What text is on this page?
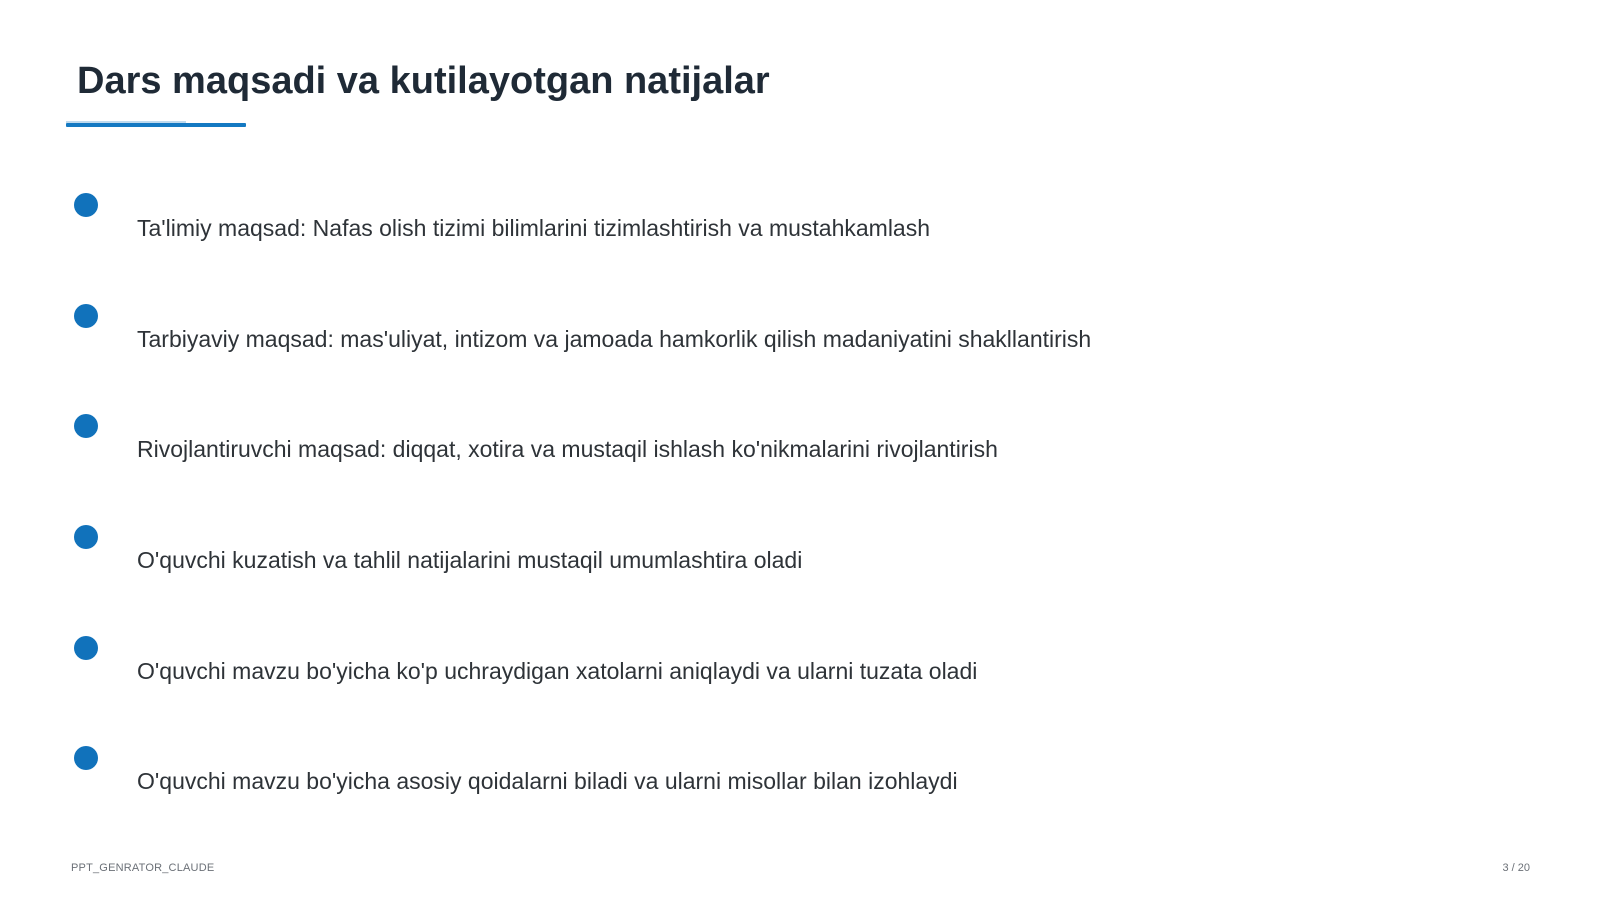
Dars maqsadi va kutilayotgan natijalar
Ta'limiy maqsad: Nafas olish tizimi bilimlarini tizimlashtirish va mustahkamlash
Tarbiyaviy maqsad: mas'uliyat, intizom va jamoada hamkorlik qilish madaniyatini shakllantirish
Rivojlantiruvchi maqsad: diqqat, xotira va mustaqil ishlash ko'nikmalarini rivojlantirish
O'quvchi kuzatish va tahlil natijalarini mustaqil umumlashtira oladi
O'quvchi mavzu bo'yicha ko'p uchraydigan xatolarni aniqlaydi va ularni tuzata oladi
O'quvchi mavzu bo'yicha asosiy qoidalarni biladi va ularni misollar bilan izohlaydi
PPT_GENRATOR_CLAUDE	3 / 20
